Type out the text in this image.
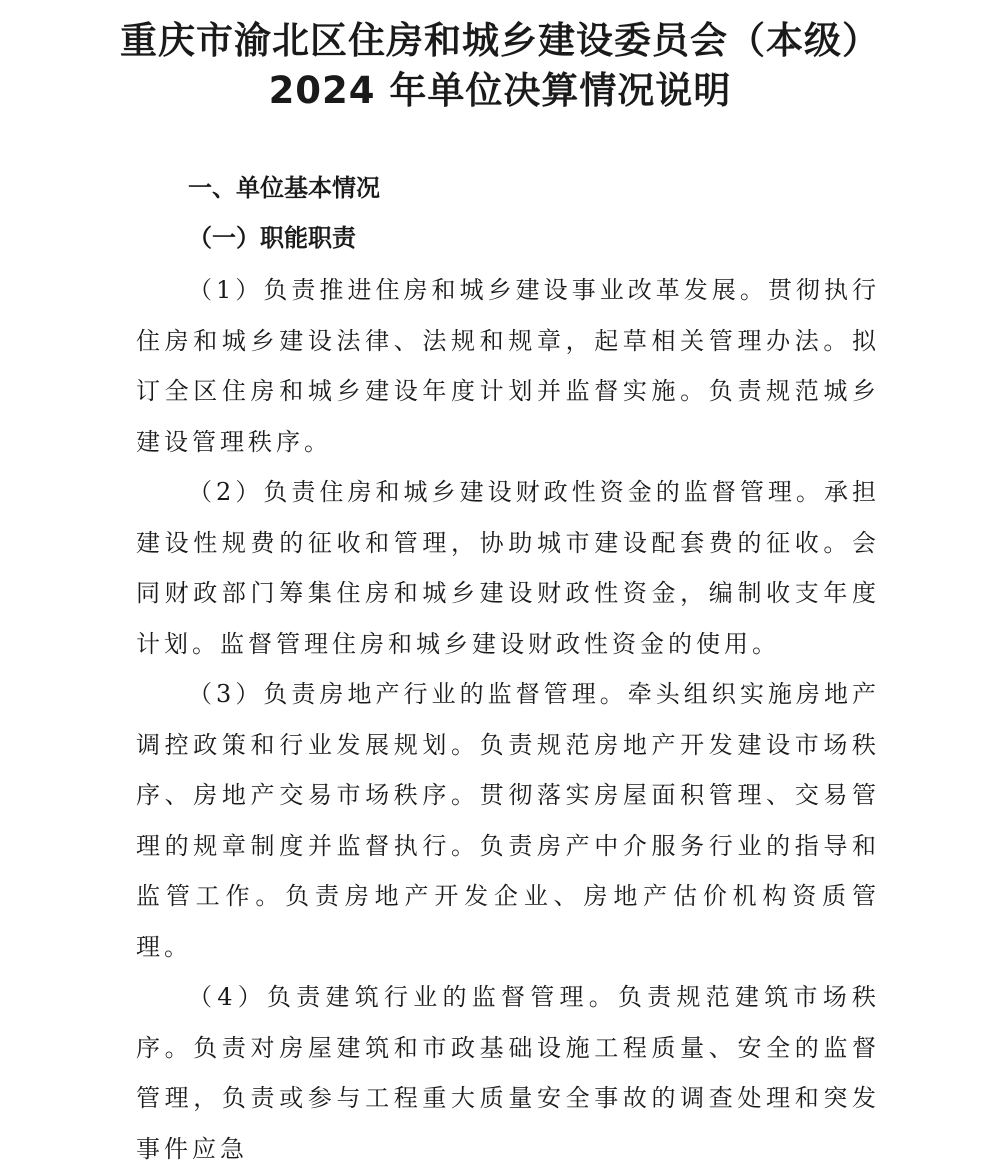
重庆市渝北区住房和城乡建设委员会（本级）
2024 年单位决算情况说明
一、单位基本情况
（一）职能职责

（1）负责推进住房和城乡建设事业改革发展。贯彻执行住房和城乡建设法律、法规和规章，起草相关管理办法。拟订全区住房和城乡建设年度计划并监督实施。负责规范城乡建设管理秩序。

（2）负责住房和城乡建设财政性资金的监督管理。承担建设性规费的征收和管理，协助城市建设配套费的征收。会同财政部门筹集住房和城乡建设财政性资金，编制收支年度计划。监督管理住房和城乡建设财政性资金的使用。

（3）负责房地产行业的监督管理。牵头组织实施房地产调控政策和行业发展规划。负责规范房地产开发建设市场秩序、房地产交易市场秩序。贯彻落实房屋面积管理、交易管理的规章制度并监督执行。负责房产中介服务行业的指导和监管工作。负责房地产开发企业、房地产估价机构资质管理。

（4）负责建筑行业的监督管理。负责规范建筑市场秩序。负责对房屋建筑和市政基础设施工程质量、安全的监督管理，负责或参与工程重大质量安全事故的调查处理和突发事件应急
